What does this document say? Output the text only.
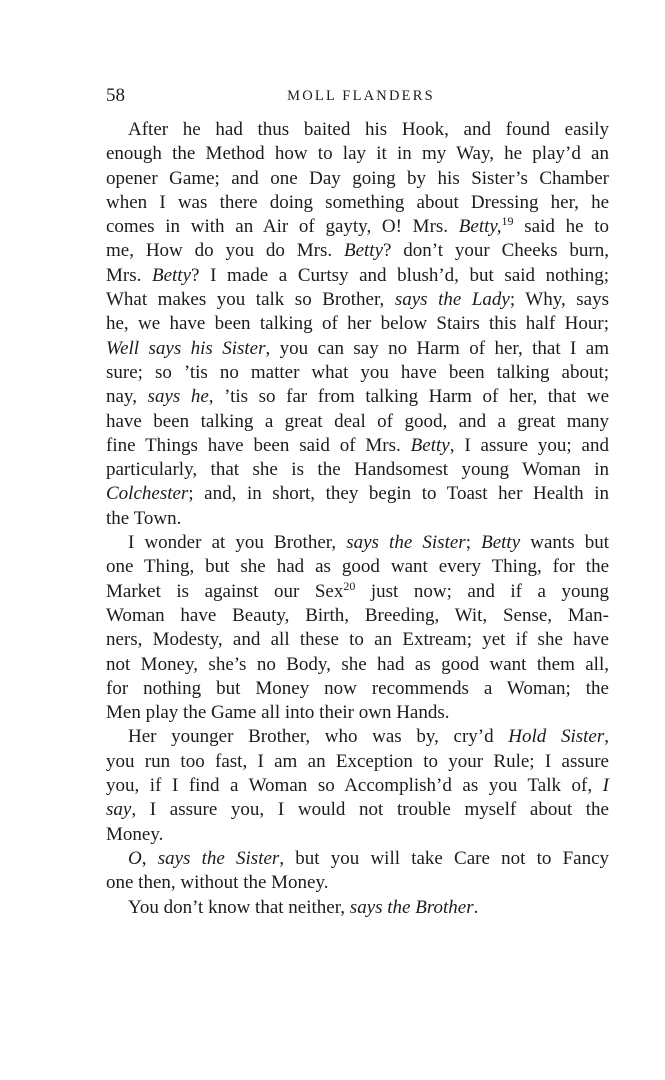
58	MOLL FLANDERS
After he had thus baited his Hook, and found easily
enough the Method how to lay it in my Way, he play’d an
opener Game; and one Day going by his Sister’s Chamber
when I was there doing something about Dressing her, he
comes in with an Air of gayty, O! Mrs. Betty,$^{19}$ said he to
me, How do you do Mrs. Betty? don’t your Cheeks burn,
Mrs. Betty? I made a Curtsy and blush’d, but said nothing;
What makes you talk so Brother, says the Lady; Why, says
he, we have been talking of her below Stairs this half Hour;
Well says his Sister, you can say no Harm of her, that I am
sure; so ’tis no matter what you have been talking about;
nay, says he, ’tis so far from talking Harm of her, that we
have been talking a great deal of good, and a great many
fine Things have been said of Mrs. Betty, I assure you; and
particularly, that she is the Handsomest young Woman in
Colchester; and, in short, they begin to Toast her Health in
the Town.
I wonder at you Brother, says the Sister; Betty wants but
one Thing, but she had as good want every Thing, for the
Market is against our Sex$^{20}$ just now; and if a young
Woman have Beauty, Birth, Breeding, Wit, Sense, Man-
ners, Modesty, and all these to an Extream; yet if she have
not Money, she’s no Body, she had as good want them all,
for nothing but Money now recommends a Woman; the
Men play the Game all into their own Hands.
Her younger Brother, who was by, cry’d Hold Sister,
you run too fast, I am an Exception to your Rule; I assure
you, if I find a Woman so Accomplish’d as you Talk of, I
say, I assure you, I would not trouble myself about the
Money.
O, says the Sister, but you will take Care not to Fancy
one then, without the Money.
You don’t know that neither, says the Brother.
